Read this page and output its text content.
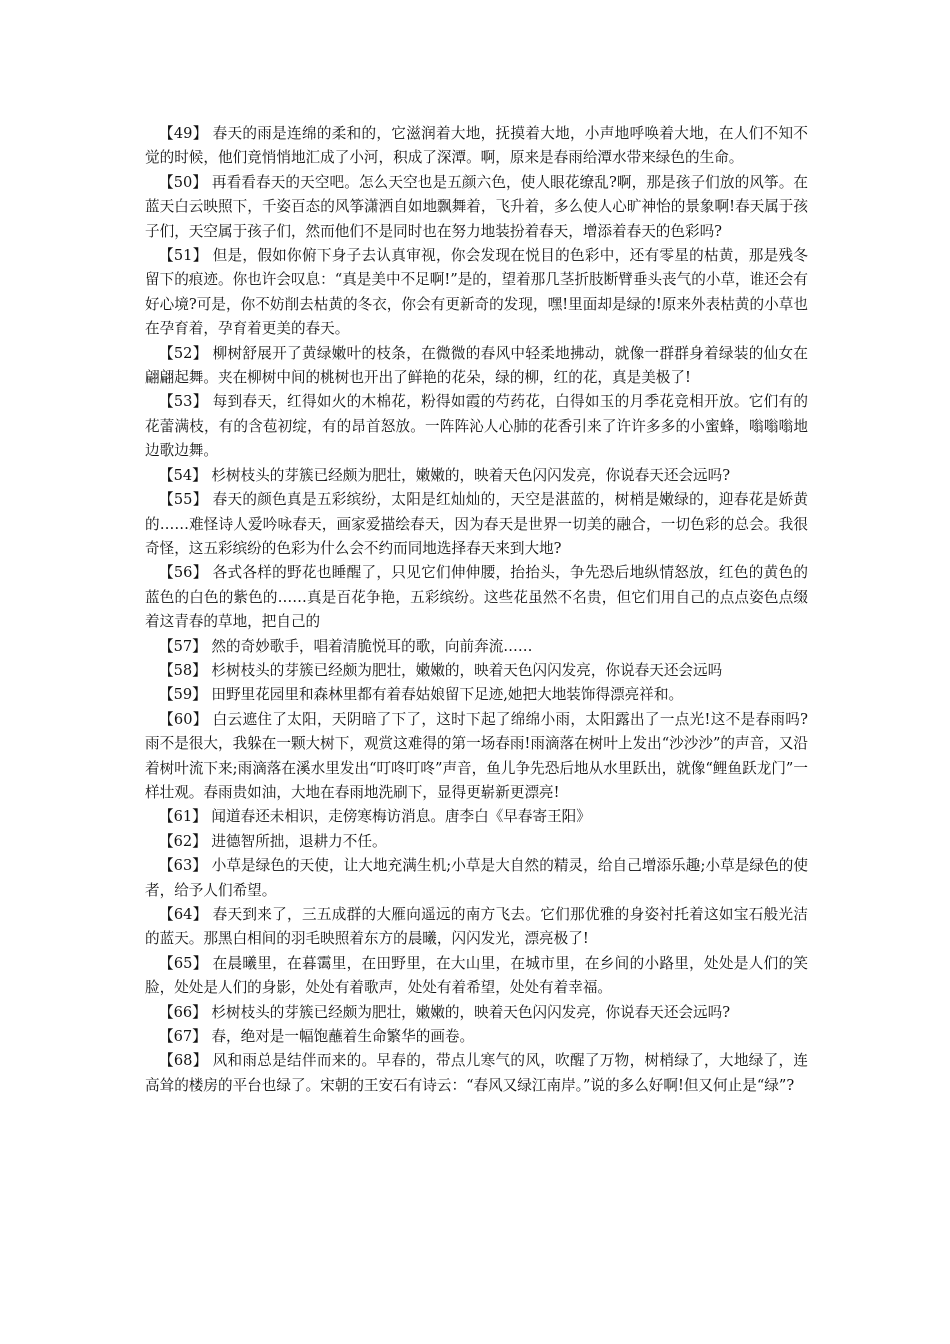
【49】 春天的雨是连绵的柔和的，它滋润着大地，抚摸着大地，小声地呼唤着大地，在人们不知不觉的时候，他们竟悄悄地汇成了小河，积成了深潭。啊，原来是春雨给潭水带来绿色的生命。

【50】 再看看春天的天空吧。怎么天空也是五颜六色，使人眼花缭乱?啊，那是孩子们放的风筝。在蓝天白云映照下，千姿百态的风筝潇洒自如地飘舞着，飞升着，多么使人心旷神怡的景象啊!春天属于孩子们，天空属于孩子们，然而他们不是同时也在努力地装扮着春天，增添着春天的色彩吗?

【51】 但是，假如你俯下身子去认真审视，你会发现在悦目的色彩中，还有零星的枯黄，那是残冬留下的痕迹。你也许会叹息：“真是美中不足啊!”是的，望着那几茎折肢断臂垂头丧气的小草，谁还会有好心境?可是，你不妨削去枯黄的冬衣，你会有更新奇的发现，嘿!里面却是绿的!原来外表枯黄的小草也在孕育着，孕育着更美的春天。

【52】 柳树舒展开了黄绿嫩叶的枝条，在微微的春风中轻柔地拂动，就像一群群身着绿装的仙女在翩翩起舞。夹在柳树中间的桃树也开出了鲜艳的花朵，绿的柳，红的花，真是美极了!

【53】 每到春天，红得如火的木棉花，粉得如霞的芍药花，白得如玉的月季花竞相开放。它们有的花蕾满枝，有的含苞初绽，有的昂首怒放。一阵阵沁人心肺的花香引来了许许多多的小蜜蜂，嗡嗡嗡地边歌边舞。

【54】 杉树枝头的芽簇已经颇为肥壮，嫩嫩的，映着天色闪闪发亮，你说春天还会远吗?

【55】 春天的颜色真是五彩缤纷，太阳是红灿灿的，天空是湛蓝的，树梢是嫩绿的，迎春花是娇黄的……难怪诗人爱吟咏春天，画家爱描绘春天，因为春天是世界一切美的融合，一切色彩的总会。我很奇怪，这五彩缤纷的色彩为什么会不约而同地选择春天来到大地?

【56】 各式各样的野花也睡醒了，只见它们伸伸腰，抬抬头，争先恐后地纵情怒放，红色的黄色的蓝色的白色的紫色的……真是百花争艳，五彩缤纷。这些花虽然不名贵，但它们用自己的点点姿色点缀着这青春的草地，把自己的

【57】 然的奇妙歌手，唱着清脆悦耳的歌，向前奔流……

【58】 杉树枝头的芽簇已经颇为肥壮，嫩嫩的，映着天色闪闪发亮，你说春天还会远吗

【59】 田野里花园里和森林里都有着春姑娘留下足迹,她把大地装饰得漂亮祥和。

【60】 白云遮住了太阳，天阴暗了下了，这时下起了绵绵小雨，太阳露出了一点光!这不是春雨吗?雨不是很大，我躲在一颗大树下，观赏这难得的第一场春雨!雨滴落在树叶上发出“沙沙沙”的声音，又沿着树叶流下来;雨滴落在溪水里发出“叮咚叮咚”声音，鱼儿争先恐后地从水里跃出，就像“鲤鱼跃龙门”一样壮观。春雨贵如油，大地在春雨地洗刷下，显得更崭新更漂亮!

【61】 闻道春还未相识，走傍寒梅访消息。唐李白《早春寄王阳》

【62】 进德智所拙，退耕力不任。

【63】 小草是绿色的天使，让大地充满生机;小草是大自然的精灵，给自己增添乐趣;小草是绿色的使者，给予人们希望。

【64】 春天到来了，三五成群的大雁向遥远的南方飞去。它们那优雅的身姿衬托着这如宝石般光洁的蓝天。那黑白相间的羽毛映照着东方的晨曦，闪闪发光，漂亮极了!

【65】 在晨曦里，在暮霭里，在田野里，在大山里，在城市里，在乡间的小路里，处处是人们的笑脸，处处是人们的身影，处处有着歌声，处处有着希望，处处有着幸福。

【66】 杉树枝头的芽簇已经颇为肥壮，嫩嫩的，映着天色闪闪发亮，你说春天还会远吗?

【67】 春，绝对是一幅饱蘸着生命繁华的画卷。

【68】 风和雨总是结伴而来的。早春的，带点儿寒气的风，吹醒了万物，树梢绿了，大地绿了，连高耸的楼房的平台也绿了。宋朝的王安石有诗云：“春风又绿江南岸。”说的多么好啊!但又何止是“绿”?
